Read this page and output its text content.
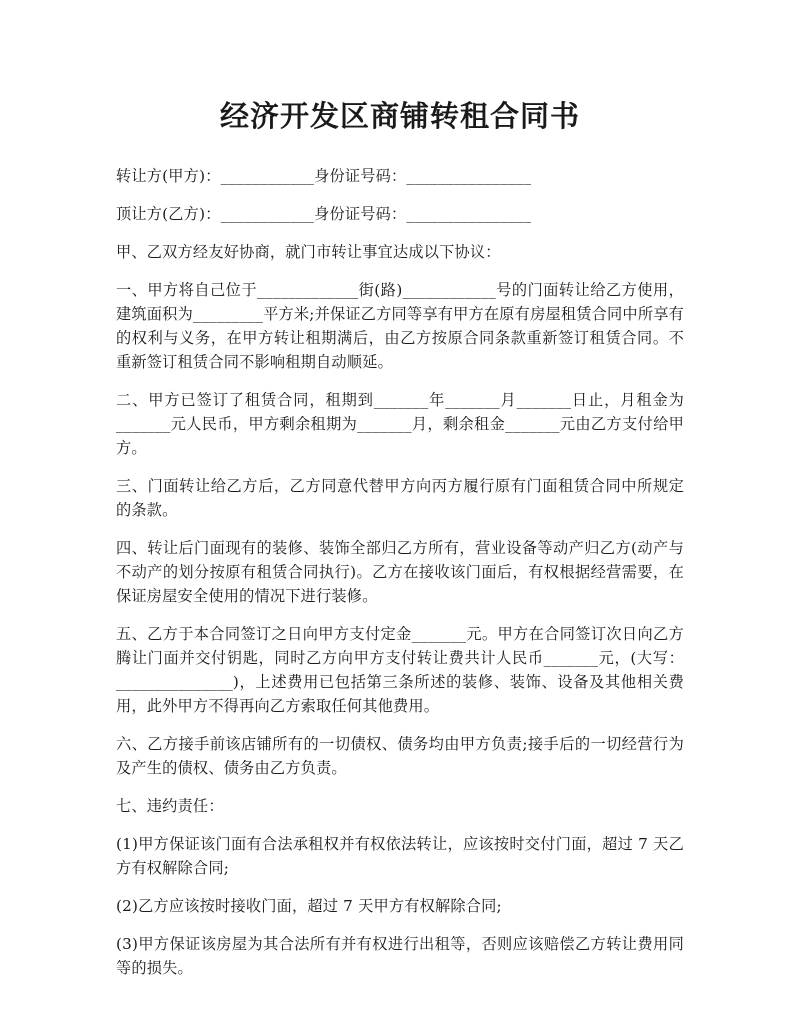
经济开发区商铺转租合同书

转让方(甲方)：____________身份证号码：________________

顶让方(乙方)：____________身份证号码：________________

甲、乙双方经友好协商，就门市转让事宜达成以下协议：

一、甲方将自己位于_____________街(路)____________号的门面转让给乙方使用，建筑面积为_________平方米;并保证乙方同等享有甲方在原有房屋租赁合同中所享有的权利与义务，在甲方转让租期满后，由乙方按原合同条款重新签订租赁合同。不重新签订租赁合同不影响租期自动顺延。

二、甲方已签订了租赁合同，租期到_______年_______月_______日止，月租金为_______元人民币，甲方剩余租期为_______月，剩余租金_______元由乙方支付给甲方。

三、门面转让给乙方后，乙方同意代替甲方向丙方履行原有门面租赁合同中所规定的条款。

四、转让后门面现有的装修、装饰全部归乙方所有，营业设备等动产归乙方(动产与不动产的划分按原有租赁合同执行)。乙方在接收该门面后，有权根据经营需要，在保证房屋安全使用的情况下进行装修。

五、乙方于本合同签订之日向甲方支付定金_______元。甲方在合同签订次日向乙方腾让门面并交付钥匙，同时乙方向甲方支付转让费共计人民币_______元，(大写：_______________)，上述费用已包括第三条所述的装修、装饰、设备及其他相关费用，此外甲方不得再向乙方索取任何其他费用。

六、乙方接手前该店铺所有的一切债权、债务均由甲方负责;接手后的一切经营行为及产生的债权、债务由乙方负责。

七、违约责任：

(1)甲方保证该门面有合法承租权并有权依法转让，应该按时交付门面，超过 7 天乙方有权解除合同;

(2)乙方应该按时接收门面，超过 7 天甲方有权解除合同;

(3)甲方保证该房屋为其合法所有并有权进行出租等，否则应该赔偿乙方转让费用同等的损失。
